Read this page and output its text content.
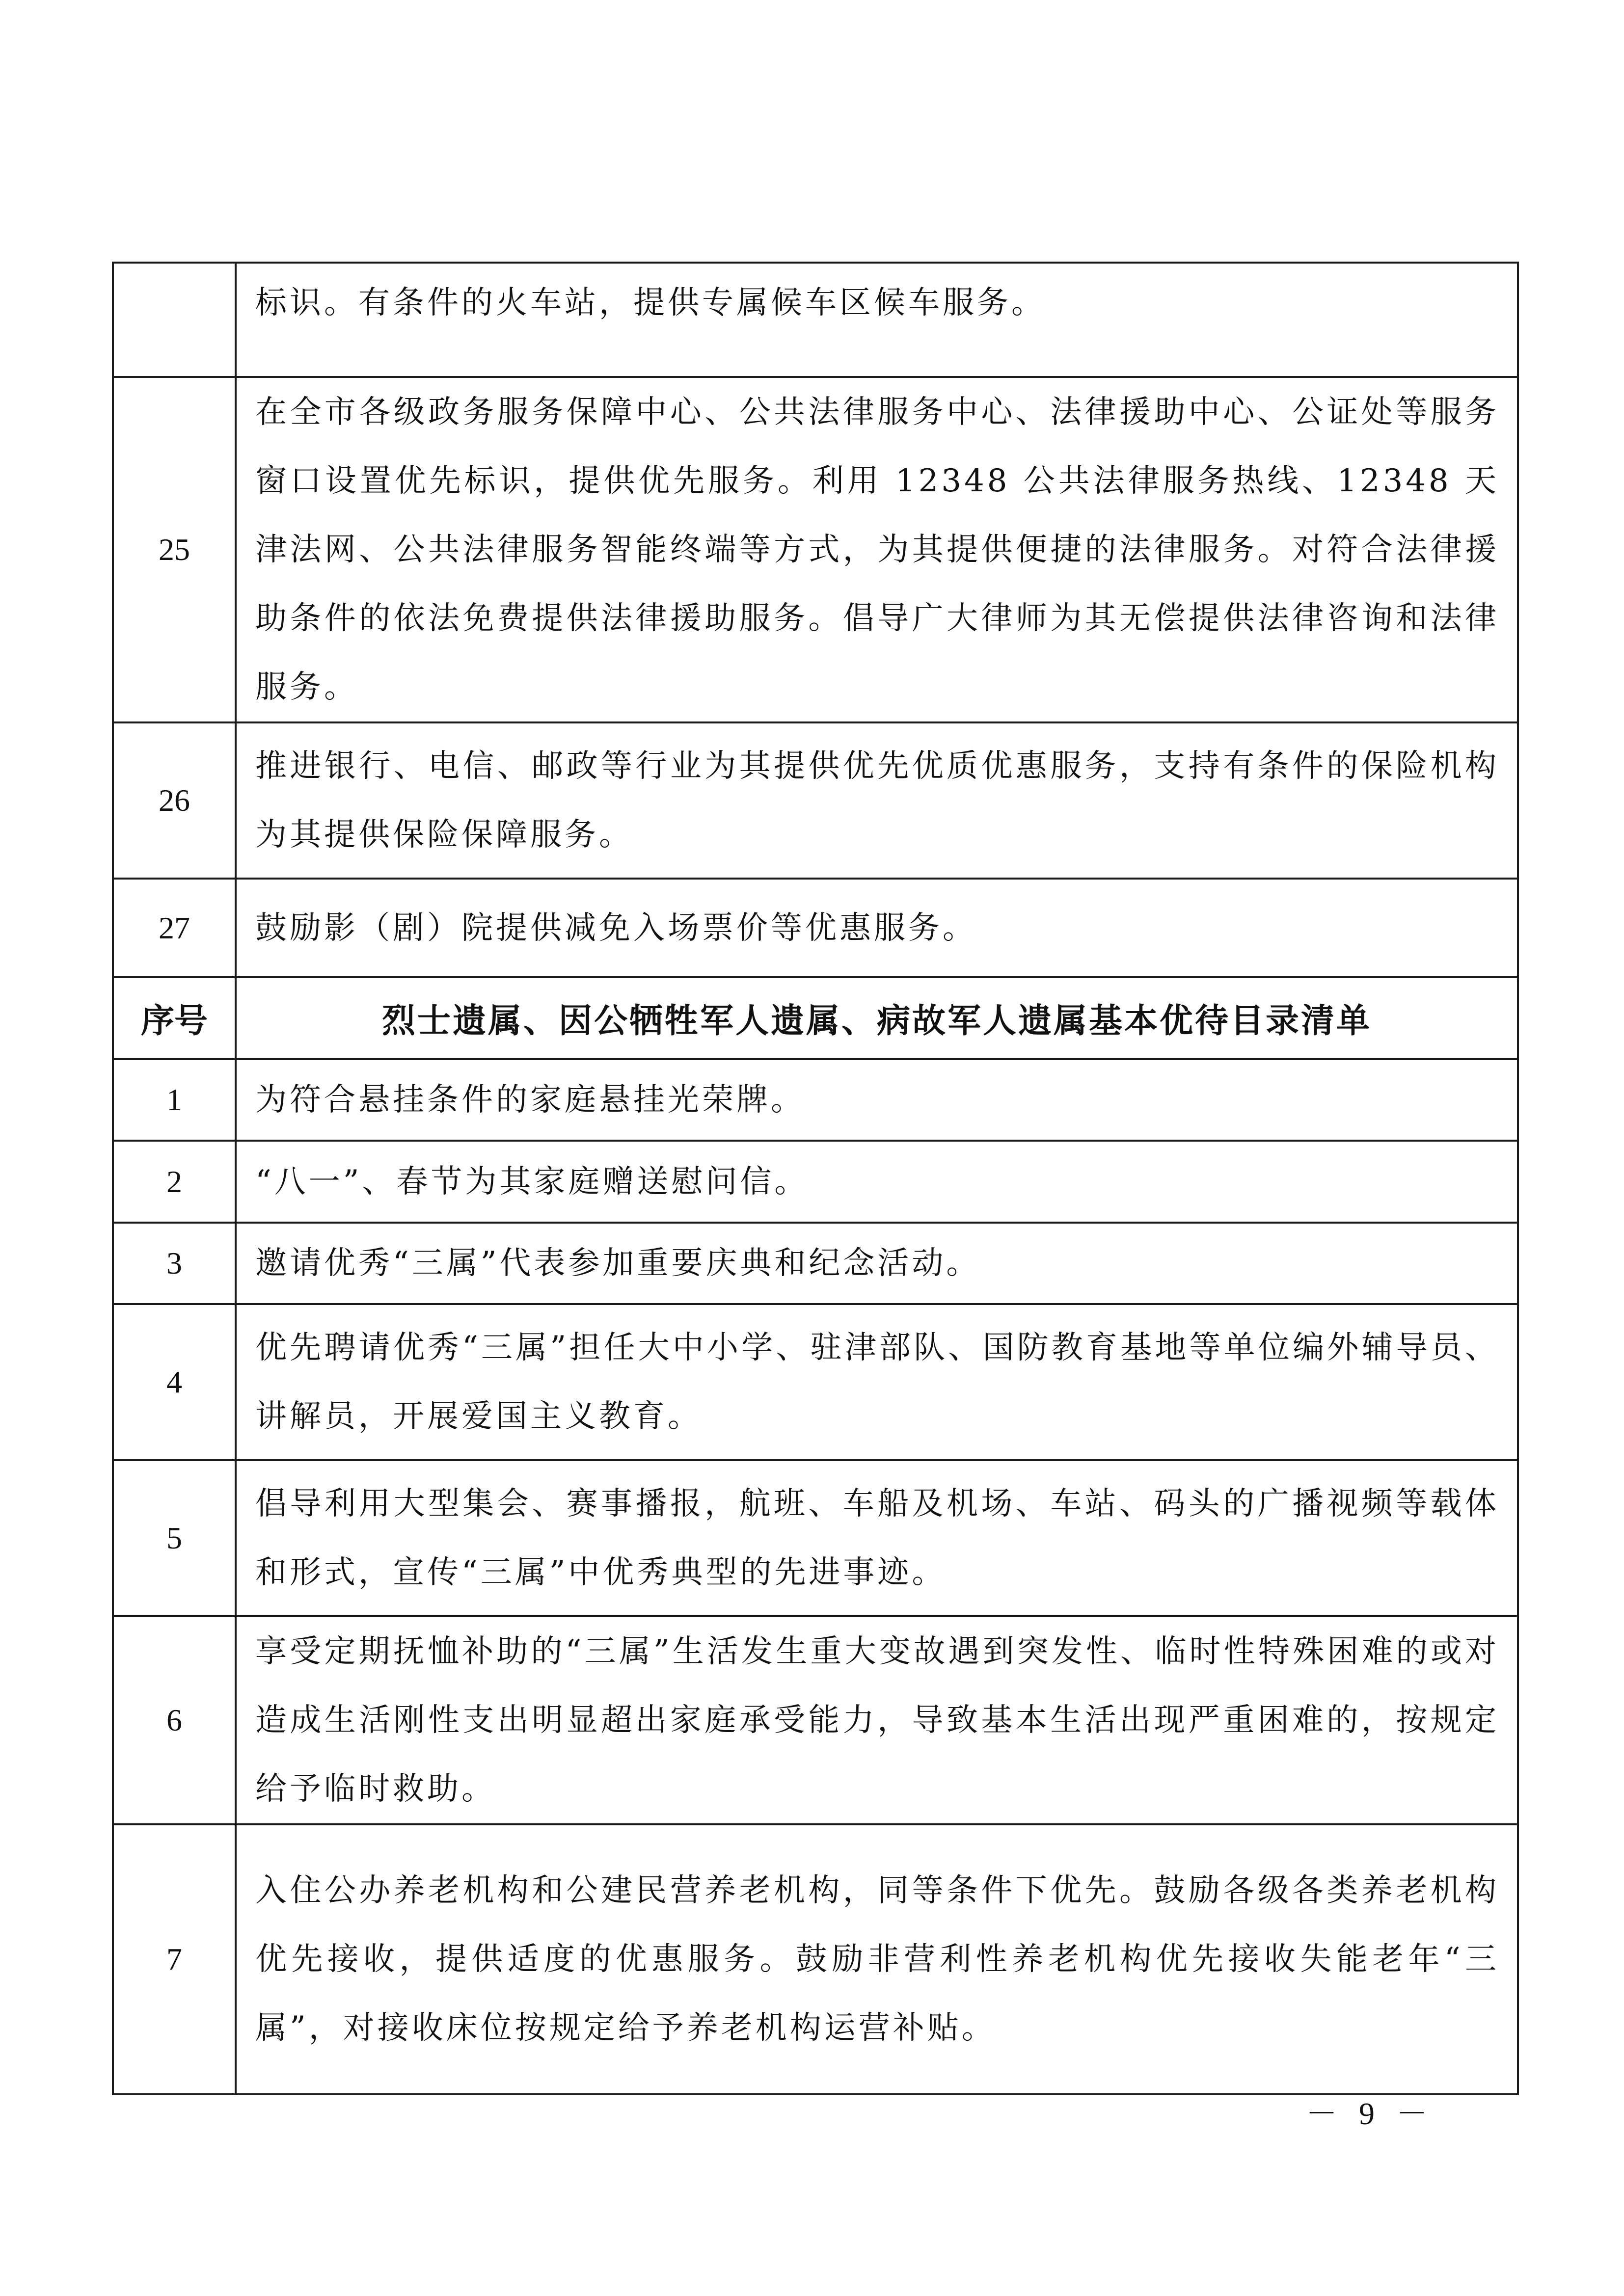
	标识。有条件的火车站，提供专属候车区候车服务。
25	在全市各级政务服务保障中心、公共法律服务中心、法律援助中心、公证处等服务窗口设置优先标识，提供优先服务。利用 12348 公共法律服务热线、12348 天津法网、公共法律服务智能终端等方式，为其提供便捷的法律服务。对符合法律援助条件的依法免费提供法律援助服务。倡导广大律师为其无偿提供法律咨询和法律服务。
26	推进银行、电信、邮政等行业为其提供优先优质优惠服务，支持有条件的保险机构为其提供保险保障服务。
27	鼓励影（剧）院提供减免入场票价等优惠服务。
序号	烈士遗属、因公牺牲军人遗属、病故军人遗属基本优待目录清单
1	为符合悬挂条件的家庭悬挂光荣牌。
2	“八一”、春节为其家庭赠送慰问信。
3	邀请优秀“三属”代表参加重要庆典和纪念活动。
4	优先聘请优秀“三属”担任大中小学、驻津部队、国防教育基地等单位编外辅导员、讲解员，开展爱国主义教育。
5	倡导利用大型集会、赛事播报，航班、车船及机场、车站、码头的广播视频等载体和形式，宣传“三属”中优秀典型的先进事迹。
6	享受定期抚恤补助的“三属”生活发生重大变故遇到突发性、临时性特殊困难的或对造成生活刚性支出明显超出家庭承受能力，导致基本生活出现严重困难的，按规定给予临时救助。
7	入住公办养老机构和公建民营养老机构，同等条件下优先。鼓励各级各类养老机构优先接收，提供适度的优惠服务。鼓励非营利性养老机构优先接收失能老年“三属”，对接收床位按规定给予养老机构运营补贴。
－ 9 －
